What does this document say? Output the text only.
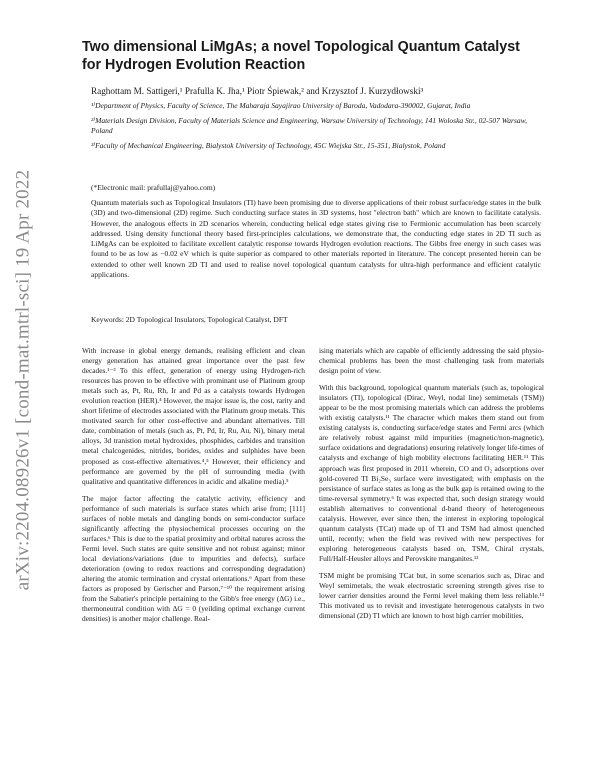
arXiv:2204.08926v1 [cond-mat.mtrl-sci] 19 Apr 2022
Two dimensional LiMgAs; a novel Topological Quantum Catalyst for Hydrogen Evolution Reaction
Raghottam M. Sattigeri,¹ Prafulla K. Jha,¹ Piotr Śpiewak,² and Krzysztof J. Kurzydłowski³
¹⁾Department of Physics, Faculty of Science, The Maharaja Sayajirao University of Baroda, Vadodara-390002, Gujarat, India
²⁾Materials Design Division, Faculty of Materials Science and Engineering, Warsaw University of Technology, 141 Woloska Str., 02-507 Warsaw, Poland
³⁾Faculty of Mechanical Engineering, Bialystok University of Technology, 45C Wiejska Str., 15-351, Bialystok, Poland
(*Electronic mail: prafullaj@yahoo.com)
Quantum materials such as Topological Insulators (TI) have been promising due to diverse applications of their robust surface/edge states in the bulk (3D) and two-dimensional (2D) regime. Such conducting surface states in 3D systems, host "electron bath" which are known to facilitate catalysis. However, the analogous effects in 2D scenarios wherein, conducting helical edge states giving rise to Fermionic accumulation has been scarcely addressed. Using density functional theory based first-principles calculations, we demonstrate that, the conducting edge states in 2D TI such as LiMgAs can be exploited to facilitate excellent catalytic response towards Hydrogen evolution reactions. The Gibbs free energy in such cases was found to be as low as −0.02 eV which is quite superior as compared to other materials reported in literature. The concept presented herein can be extended to other well known 2D TI and used to realise novel topological quantum catalysts for ultra-high performance and efficient catalytic applications.
Keywords: 2D Topological Insulators, Topological Catalyst, DFT

With increase in global energy demands, realising efficient and clean energy generation has attained great importance over the past few decades.¹⁻³ To this effect, generation of energy using Hydrogen-rich resources has proven to be effective with prominant use of Platinum group metals such as, Pt, Ru, Rh, Ir and Pd as a catalysts towards Hydrogen evolution reaction (HER).⁴ However, the major issue is, the cost, rarity and short lifetime of electrodes associated with the Platinum group metals. This motivated search for other cost-effective and abundant alternatives. Till date, combination of metals (such as, Pt, Pd, Ir, Ru, Au, Ni), binary metal alloys, 3d tranistion metal hydroxides, phosphides, carbides and transition metal chalcogenides, nitrides, borides, oxides and sulphides have been proposed as cost-effective alternatives.⁴,⁵ However, their efficiency and performance are governed by the pH of surrounding media (with qualitative and quantitative differences in acidic and alkaline media).⁵

The major factor affecting the catalytic activity, efficiency and performance of such materials is surface states which arise from; [111] surfaces of noble metals and dangling bonds on semi-conductor surface significantly affecting the physiochemical processes occuring on the surfaces.⁶ This is due to the spatial proximity and orbital natures across the Fermi level. Such states are quite sensitive and not robust against; minor local deviations/variations (due to impurities and defects), surface deterioration (owing to redox reactions and corresponding degradation) altering the atomic termination and crystal orientations.⁶ Apart from these factors as proposed by Gerischer and Parson,⁷⁻¹⁰ the requirement arising from the Sabatier's principle pertaining to the Gibb's free energy (ΔG) i.e., thermoneutral condition with ΔG = 0 (yeilding optimal exchange current densities) is another major challenge. Real-

ising materials which are capable of efficiently addressing the said physio-chemical problems has been the most challenging task from materials design point of view.

With this background, topological quantum materials (such as, topological insulators (TI), topological (Dirac, Weyl, nodal line) semimetals (TSM)) appear to be the most promising materials which can address the problems with existig catalysts.¹¹ The character which makes them stand out from existing catalysts is, conducting surface/edge states and Fermi arcs (which are relatively robust against mild impurities (magnetic/non-magnetic), surface oxidations and degradations) ensuring relatively longer life-times of catalysts and exchange of high mobility electrons facilitating HER.¹¹ This approach was first proposed in 2011 wherein, CO and O₂ adsorptions over gold-covered TI Bi₂Se₃ surface were investigated; with emphasis on the persistance of surface states as long as the bulk gap is retained owing to the time-reversal symmetry.⁶ It was expected that, such design strategy would establish alternatives to conventional d-band theory of heterogeneous catalysis. However, ever since then, the interest in exploring topological quantum catalysts (TCat) made up of TI and TSM had almost quenched until, recently; when the field was revived with new perspectives for exploring heterogeneous catalysts based on, TSM, Chiral crystals, Full/Half-Heusler alloys and Perovskite manganites.¹²

TSM might be promising TCat but, in some scenarios such as, Dirac and Weyl semimetals, the weak electrostatic screening strength gives rise to lower carrier densities around the Fermi level making them less reliable.¹³ This motivated us to revisit and investigate heterogenous catalysts in two dimensional (2D) TI which are known to host high carrier mobilities,
